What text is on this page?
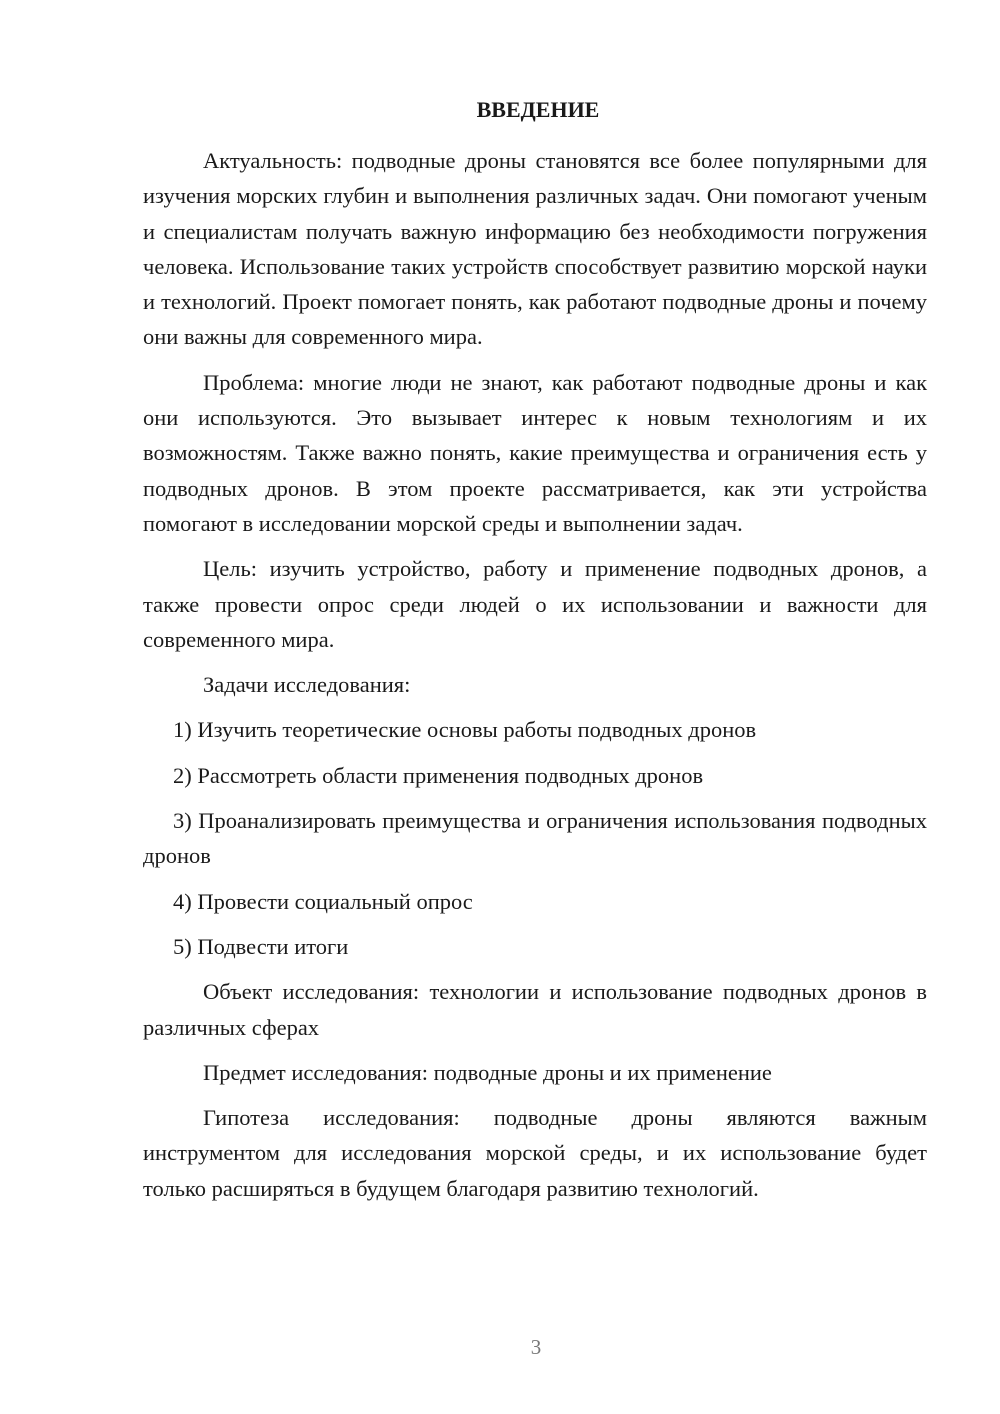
ВВЕДЕНИЕ

Актуальность: подводные дроны становятся все более популярными для изучения морских глубин и выполнения различных задач. Они помогают ученым и специалистам получать важную информацию без необходимости погружения человека. Использование таких устройств способствует развитию морской науки и технологий. Проект помогает понять, как работают подводные дроны и почему они важны для современного мира.

Проблема: многие люди не знают, как работают подводные дроны и как они используются. Это вызывает интерес к новым технологиям и их возможностям. Также важно понять, какие преимущества и ограничения есть у подводных дронов. В этом проекте рассматривается, как эти устройства помогают в исследовании морской среды и выполнении задач.

Цель: изучить устройство, работу и применение подводных дронов, а также провести опрос среди людей о их использовании и важности для современного мира.

Задачи исследования:

1) Изучить теоретические основы работы подводных дронов

2) Рассмотреть области применения подводных дронов

3) Проанализировать преимущества и ограничения использования подводных дронов

4) Провести социальный опрос

5) Подвести итоги

Объект исследования: технологии и использование подводных дронов в различных сферах

Предмет исследования: подводные дроны и их применение

Гипотеза исследования: подводные дроны являются важным инструментом для исследования морской среды, и их использование будет только расширяться в будущем благодаря развитию технологий.

3
